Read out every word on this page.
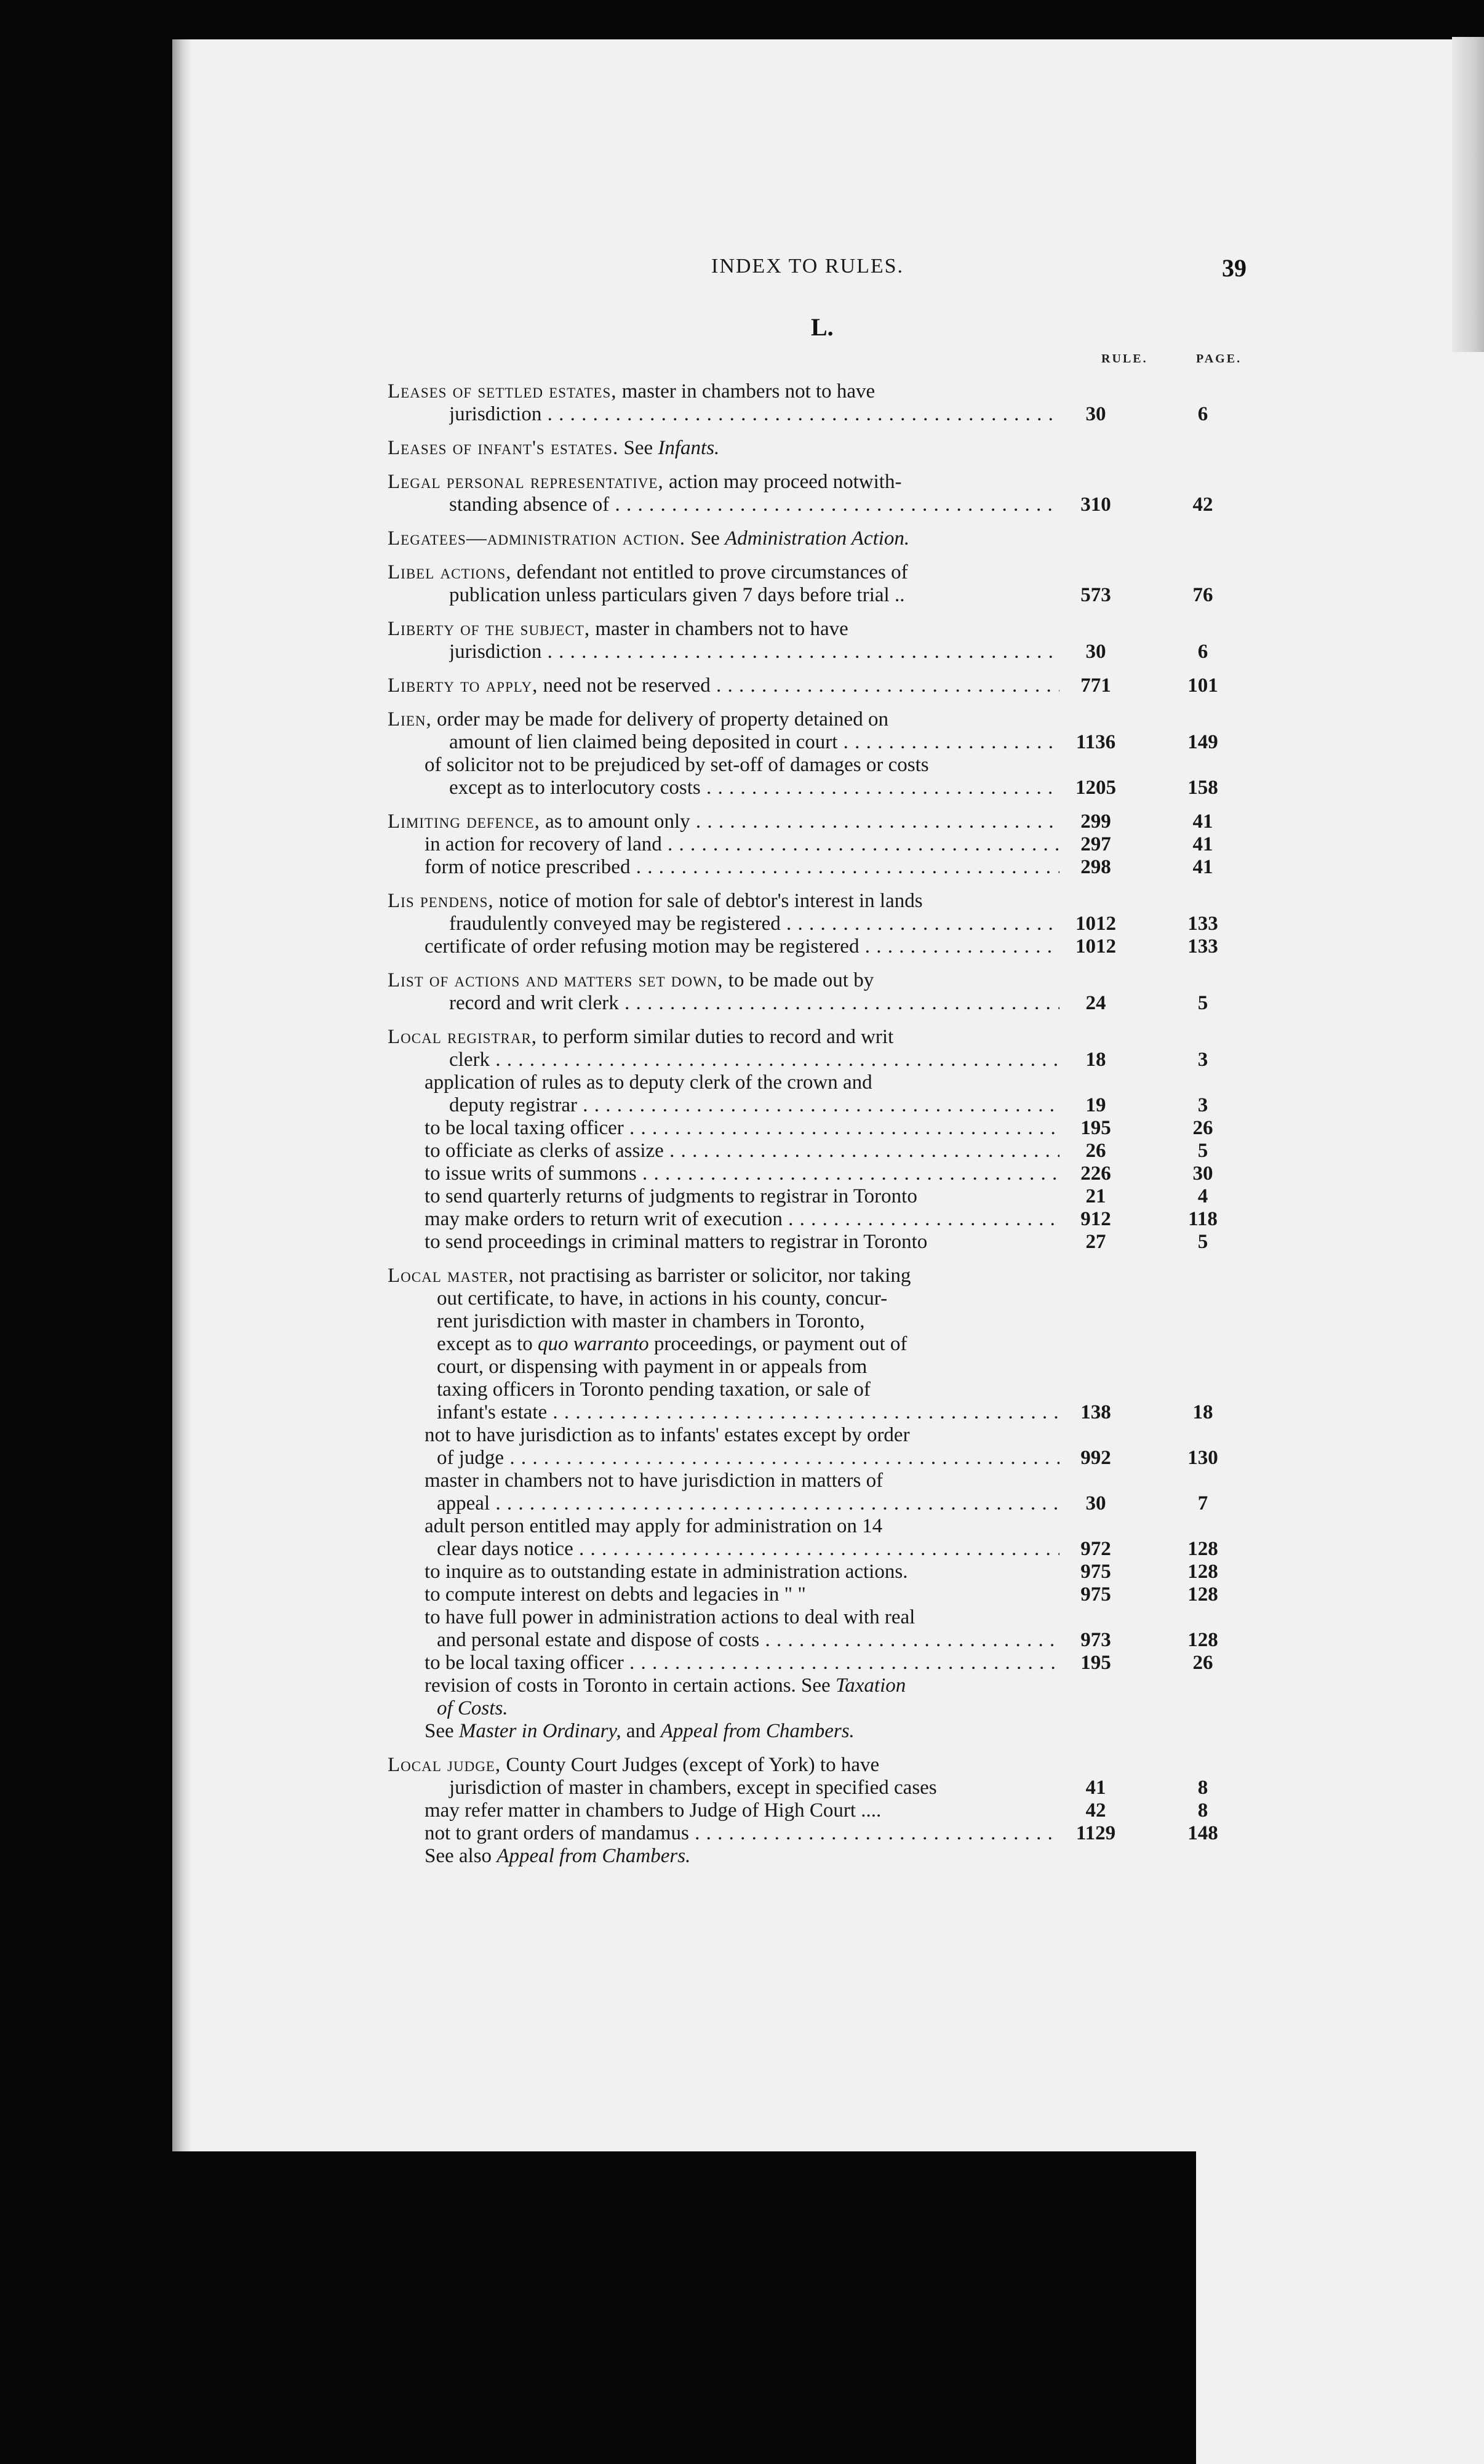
INDEX TO RULES.	39
L.
RULE.	PAGE.
Leases of settled estates, master in chambers not to have
jurisdiction . . .	30	6
Leases of infant's estates. See Infants.
Legal personal representative, action may proceed notwith-
standing absence of . . .	310	42
Legatees—administration action. See Administration Action.
Libel actions, defendant not entitled to prove circumstances of
publication unless particulars given 7 days before trial ..	573	76
Liberty of the subject, master in chambers not to have
jurisdiction . . .	30	6
Liberty to apply, need not be reserved . . .	771	101
Lien, order may be made for delivery of property detained on
amount of lien claimed being deposited in court . . .	1136	149
of solicitor not to be prejudiced by set-off of damages or costs
except as to interlocutory costs . . .	1205	158
Limiting defence, as to amount only . . .	299	41
in action for recovery of land . . .	297	41
form of notice prescribed . . .	298	41
Lis pendens, notice of motion for sale of debtor's interest in lands
fraudulently conveyed may be registered . . .	1012	133
certificate of order refusing motion may be registered . . .	1012	133
List of actions and matters set down, to be made out by
record and writ clerk . . .	24	5
Local registrar, to perform similar duties to record and writ
clerk . . .	18	3
application of rules as to deputy clerk of the crown and
deputy registrar . . .	19	3
to be local taxing officer . . .	195	26
to officiate as clerks of assize . . .	26	5
to issue writs of summons . . .	226	30
to send quarterly returns of judgments to registrar in Toronto	21	4
may make orders to return writ of execution . . .	912	118
to send proceedings in criminal matters to registrar in Toronto	27	5
Local master, not practising as barrister or solicitor, nor taking
out certificate, to have, in actions in his county, concur-
rent jurisdiction with master in chambers in Toronto,
except as to quo warranto proceedings, or payment out of
court, or dispensing with payment in or appeals from
taxing officers in Toronto pending taxation, or sale of
infant's estate . . .	138	18
not to have jurisdiction as to infants' estates except by order
of judge . . .	992	130
master in chambers not to have jurisdiction in matters of
appeal . . .	30	7
adult person entitled may apply for administration on 14
clear days notice . . .	972	128
to inquire as to outstanding estate in administration actions.	975	128
to compute interest on debts and legacies in " "	975	128
to have full power in administration actions to deal with real
and personal estate and dispose of costs . . .	973	128
to be local taxing officer . . .	195	26
revision of costs in Toronto in certain actions. See Taxation
of Costs.
See Master in Ordinary, and Appeal from Chambers.
Local judge, County Court Judges (except of York) to have
jurisdiction of master in chambers, except in specified cases	41	8
may refer matter in chambers to Judge of High Court ....	42	8
not to grant orders of mandamus . . .	1129	148
See also Appeal from Chambers.
